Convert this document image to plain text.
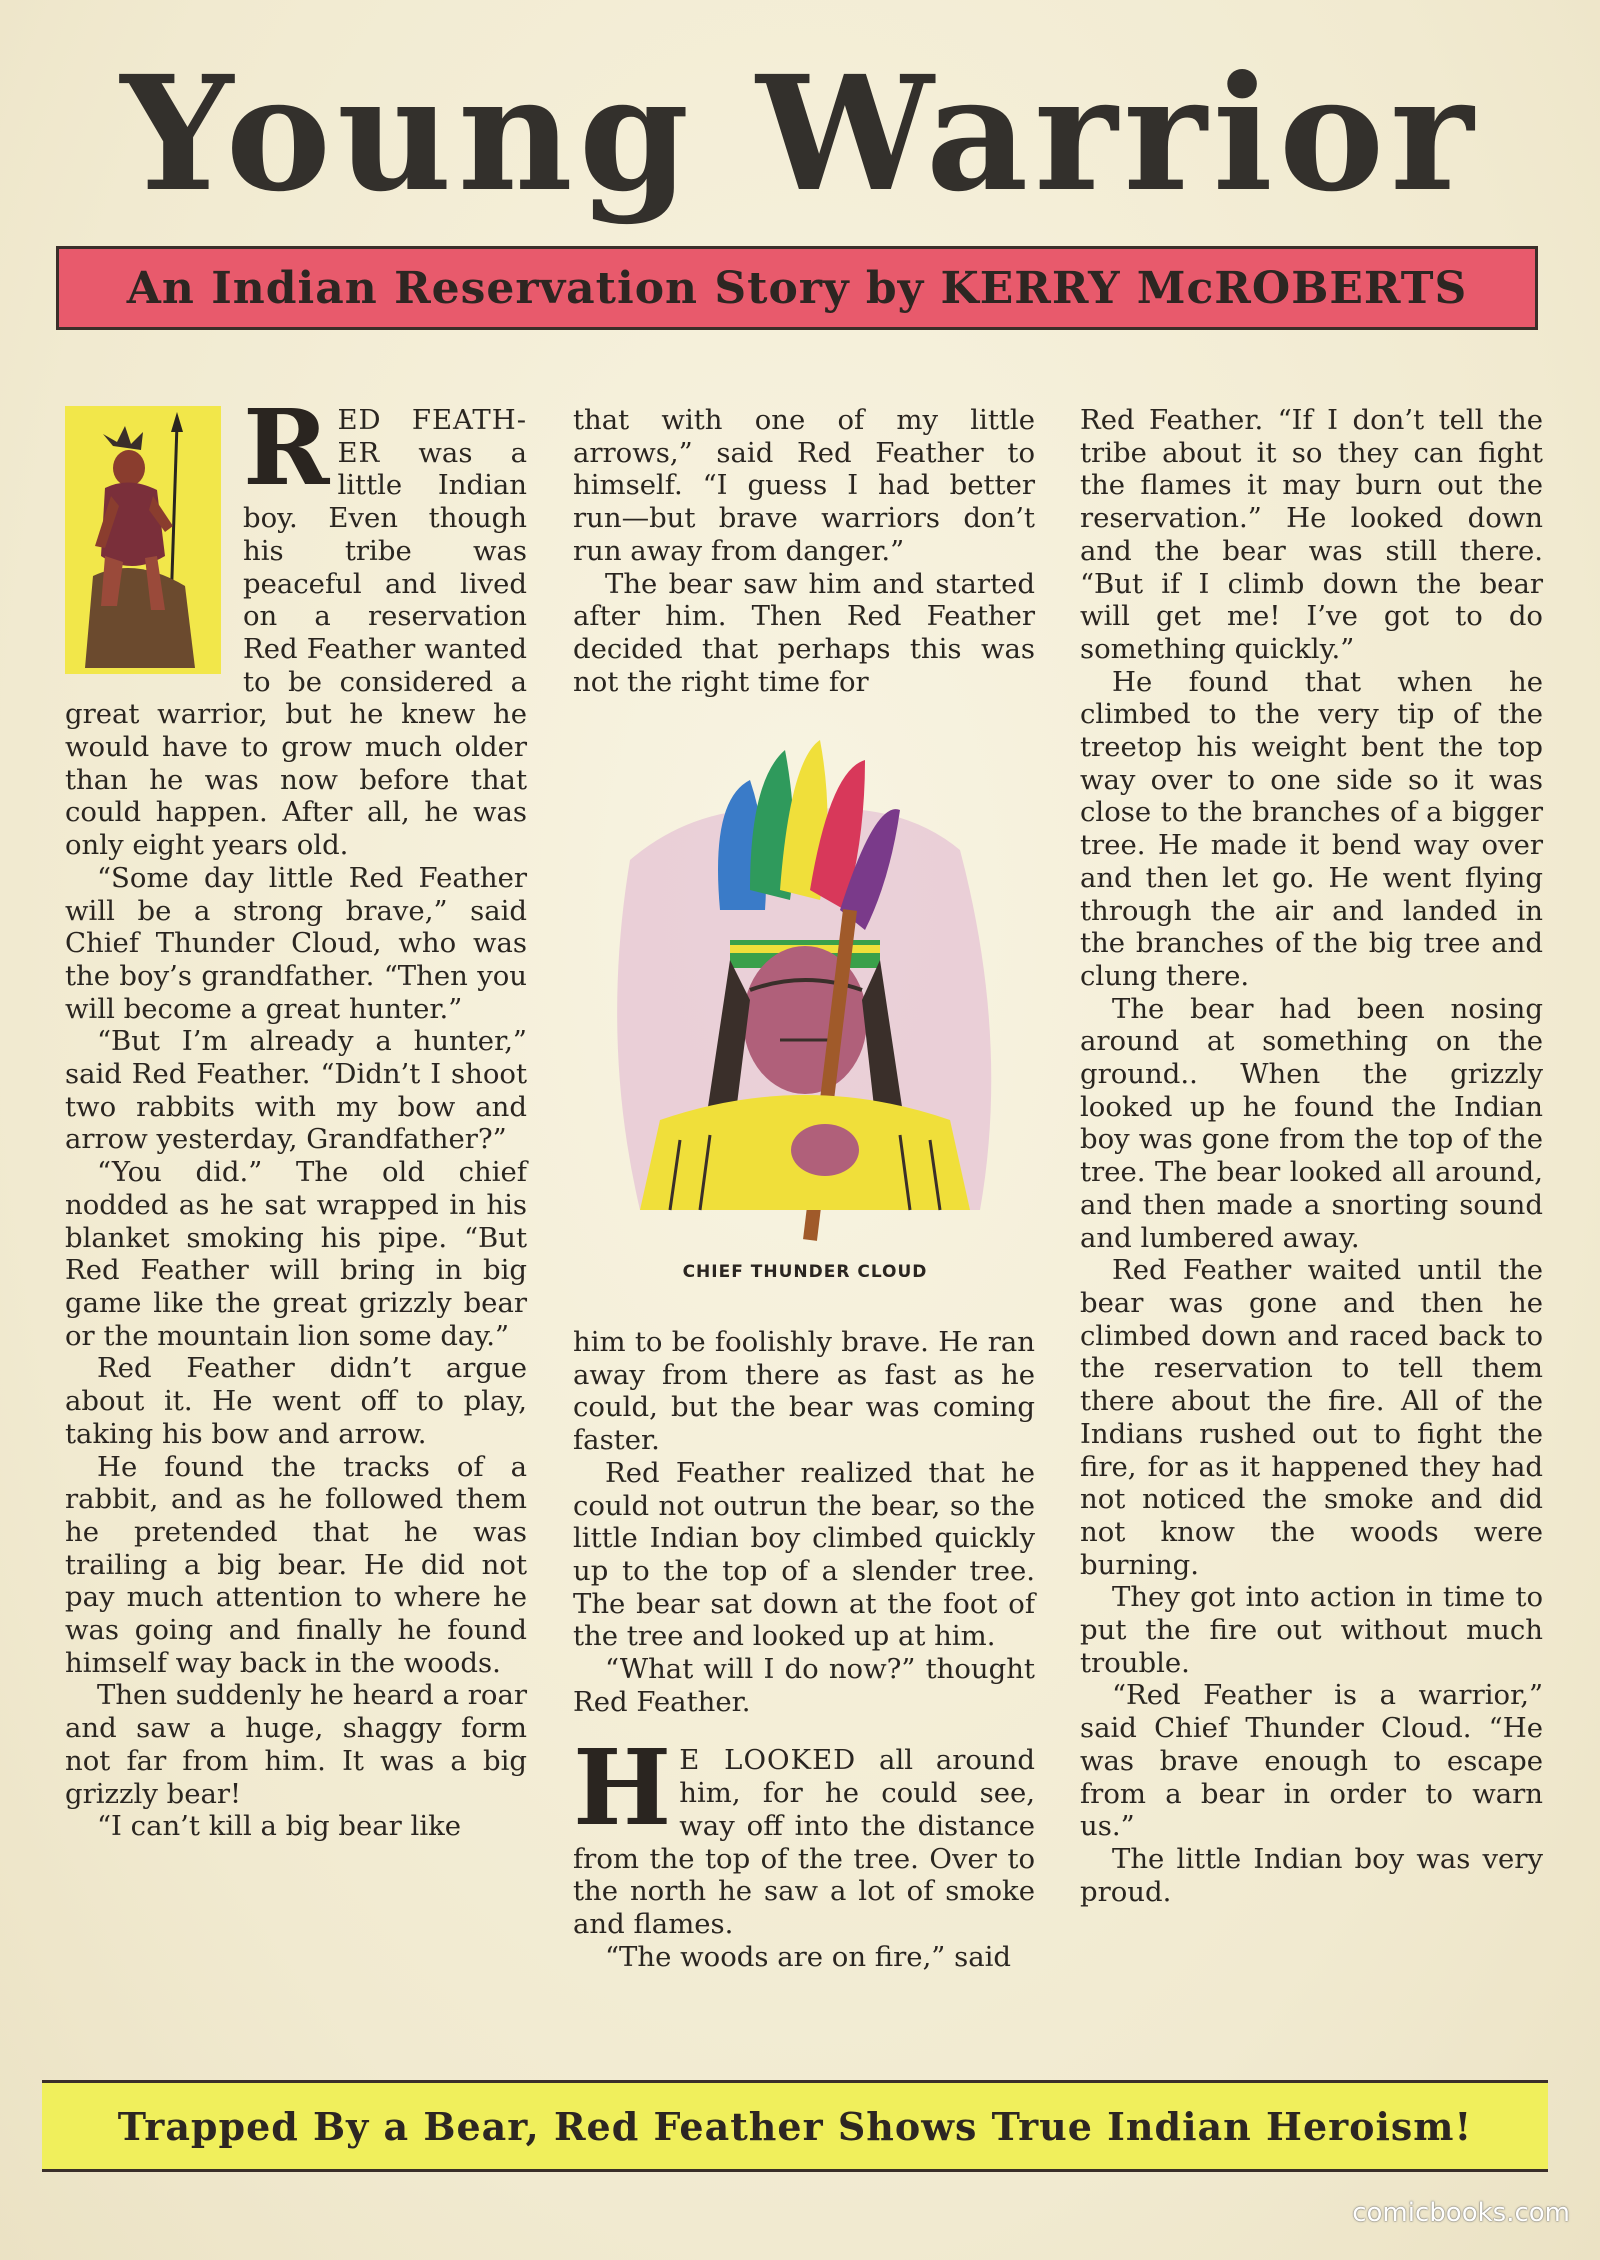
Young Warrior
An Indian Reservation Story by KERRY McROBERTS

RED FEATH-ER was a little Indian boy. Even though his tribe was peaceful and lived on a reservation Red Feather wanted to be considered a great warrior, but he knew he would have to grow much older than he was now before that could happen. After all, he was only eight years old.

“Some day little Red Feather will be a strong brave,” said Chief Thunder Cloud, who was the boy’s grandfather. “Then you will become a great hunter.”

“But I’m already a hunter,” said Red Feather. “Didn’t I shoot two rabbits with my bow and arrow yesterday, Grandfather?”

“You did.” The old chief nodded as he sat wrapped in his blanket smoking his pipe. “But Red Feather will bring in big game like the great grizzly bear or the mountain lion some day.”

Red Feather didn’t argue about it. He went off to play, taking his bow and arrow.

He found the tracks of a rabbit, and as he followed them he pretended that he was trailing a big bear. He did not pay much attention to where he was going and finally he found himself way back in the woods.

Then suddenly he heard a roar and saw a huge, shaggy form not far from him. It was a big grizzly bear!

“I can’t kill a big bear like

that with one of my little arrows,” said Red Feather to himself. “I guess I had better run—but brave warriors don’t run away from danger.”

The bear saw him and started after him. Then Red Feather decided that perhaps this was not the right time for

CHIEF THUNDER CLOUD

him to be foolishly brave. He ran away from there as fast as he could, but the bear was coming faster.

Red Feather realized that he could not outrun the bear, so the little Indian boy climbed quickly up to the top of a slender tree. The bear sat down at the foot of the tree and looked up at him.

“What will I do now?” thought Red Feather.

H E LOOKED all around him, for he could see, way off into the distance from the top of the tree. Over to the north he saw a lot of smoke and flames.

“The woods are on fire,” said

Red Feather. “If I don’t tell the tribe about it so they can fight the flames it may burn out the reservation.” He looked down and the bear was still there. “But if I climb down the bear will get me! I’ve got to do something quickly.”

He found that when he climbed to the very tip of the treetop his weight bent the top way over to one side so it was close to the branches of a bigger tree. He made it bend way over and then let go. He went flying through the air and landed in the branches of the big tree and clung there.

The bear had been nosing around at something on the ground.. When the grizzly looked up he found the Indian boy was gone from the top of the tree. The bear looked all around, and then made a snorting sound and lumbered away.

Red Feather waited until the bear was gone and then he climbed down and raced back to the reservation to tell them there about the fire. All of the Indians rushed out to fight the fire, for as it happened they had not noticed the smoke and did not know the woods were burning.

They got into action in time to put the fire out without much trouble.

“Red Feather is a warrior,” said Chief Thunder Cloud. “He was brave enough to escape from a bear in order to warn us.”

The little Indian boy was very proud.

Trapped By a Bear, Red Feather Shows True Indian Heroism!
comicbooks.com
